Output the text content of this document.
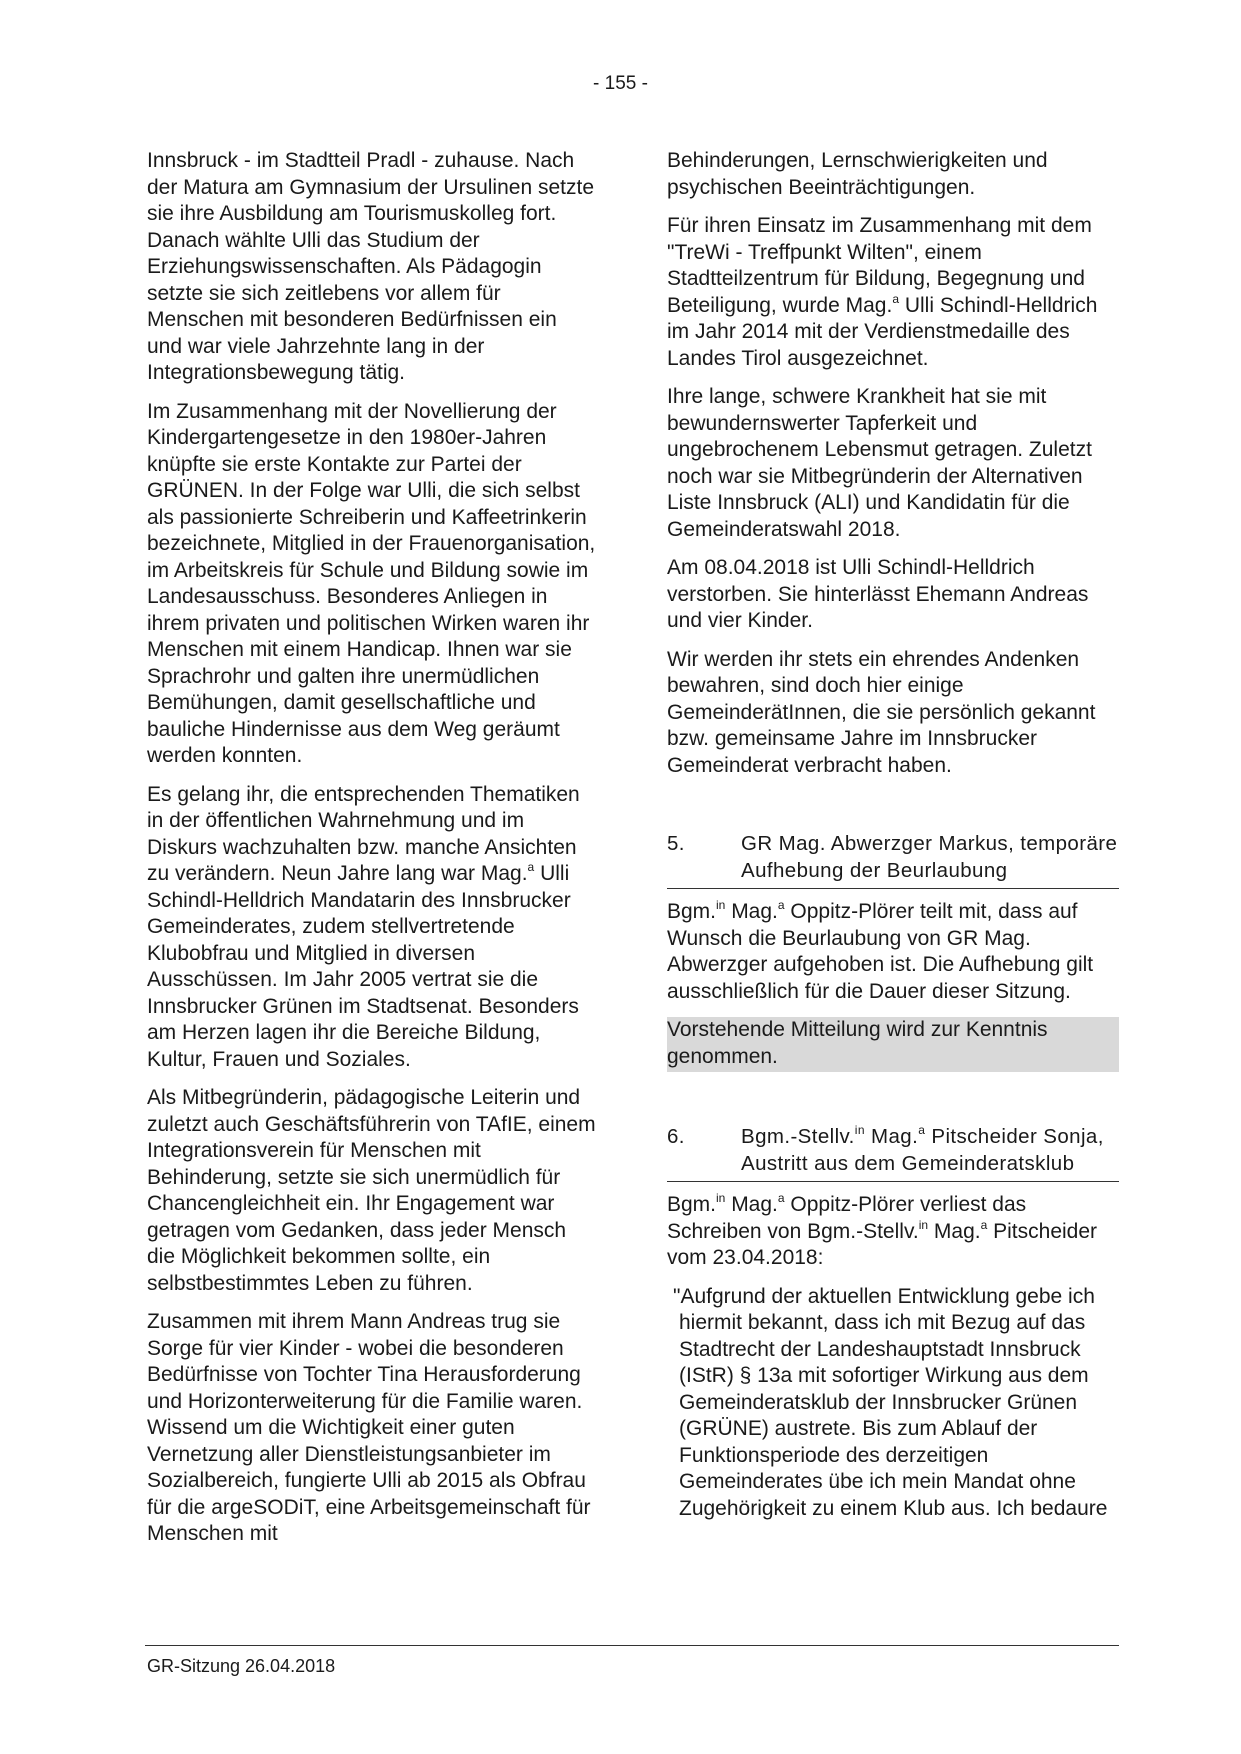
- 155 -

Innsbruck - im Stadtteil Pradl - zuhause. Nach der Matura am Gymnasium der Ursulinen setzte sie ihre Ausbildung am Tourismuskolleg fort. Danach wählte Ulli das Studium der Erziehungswissenschaften. Als Pädagogin setzte sie sich zeitlebens vor allem für Menschen mit besonderen Bedürfnissen ein und war viele Jahrzehnte lang in der Integrationsbewegung tätig.

Im Zusammenhang mit der Novellierung der Kindergartengesetze in den 1980er-Jahren knüpfte sie erste Kontakte zur Partei der GRÜNEN. In der Folge war Ulli, die sich selbst als passionierte Schreiberin und Kaffeetrinkerin bezeichnete, Mitglied in der Frauenorganisation, im Arbeitskreis für Schule und Bildung sowie im Landesausschuss. Besonderes Anliegen in ihrem privaten und politischen Wirken waren ihr Menschen mit einem Handicap. Ihnen war sie Sprachrohr und galten ihre unermüdlichen Bemühungen, damit gesellschaftliche und bauliche Hindernisse aus dem Weg geräumt werden konnten.

Es gelang ihr, die entsprechenden Thematiken in der öffentlichen Wahrnehmung und im Diskurs wachzuhalten bzw. manche Ansichten zu verändern. Neun Jahre lang war Mag.$^a$ Ulli Schindl-Helldrich Mandatarin des Innsbrucker Gemeinderates, zudem stellvertretende Klubobfrau und Mitglied in diversen Ausschüssen. Im Jahr 2005 vertrat sie die Innsbrucker Grünen im Stadtsenat. Besonders am Herzen lagen ihr die Bereiche Bildung, Kultur, Frauen und Soziales.

Als Mitbegründerin, pädagogische Leiterin und zuletzt auch Geschäftsführerin von TAfIE, einem Integrationsverein für Menschen mit Behinderung, setzte sie sich unermüdlich für Chancengleichheit ein. Ihr Engagement war getragen vom Gedanken, dass jeder Mensch die Möglichkeit bekommen sollte, ein selbstbestimmtes Leben zu führen.

Zusammen mit ihrem Mann Andreas trug sie Sorge für vier Kinder - wobei die besonderen Bedürfnisse von Tochter Tina Herausforderung und Horizonterweiterung für die Familie waren. Wissend um die Wichtigkeit einer guten Vernetzung aller Dienstleistungsanbieter im Sozialbereich, fungierte Ulli ab 2015 als Obfrau für die argeSODiT, eine Arbeitsgemeinschaft für Menschen mit

Behinderungen, Lernschwierigkeiten und psychischen Beeinträchtigungen.

Für ihren Einsatz im Zusammenhang mit dem "TreWi - Treffpunkt Wilten", einem Stadtteilzentrum für Bildung, Begegnung und Beteiligung, wurde Mag.$^a$ Ulli Schindl-Helldrich im Jahr 2014 mit der Verdienstmedaille des Landes Tirol ausgezeichnet.

Ihre lange, schwere Krankheit hat sie mit bewundernswerter Tapferkeit und ungebrochenem Lebensmut getragen. Zuletzt noch war sie Mitbegründerin der Alternativen Liste Innsbruck (ALI) und Kandidatin für die Gemeinderatswahl 2018.

Am 08.04.2018 ist Ulli Schindl-Helldrich verstorben. Sie hinterlässt Ehemann Andreas und vier Kinder.

Wir werden ihr stets ein ehrendes Andenken bewahren, sind doch hier einige GemeinderätInnen, die sie persönlich gekannt bzw. gemeinsame Jahre im Innsbrucker Gemeinderat verbracht haben.

5.	GR Mag. Abwerzger Markus, temporäre Aufhebung der Beurlaubung

Bgm.$^{in}$ Mag.$^a$ Oppitz-Plörer teilt mit, dass auf Wunsch die Beurlaubung von GR Mag. Abwerzger aufgehoben ist. Die Aufhebung gilt ausschließlich für die Dauer dieser Sitzung.

Vorstehende Mitteilung wird zur Kenntnis genommen.
6.	Bgm.-Stellv.$^{in}$ Mag.$^a$ Pitscheider Sonja, Austritt aus dem Gemeinderatsklub

Bgm.$^{in}$ Mag.$^a$ Oppitz-Plörer verliest das Schreiben von Bgm.-Stellv.$^{in}$ Mag.$^a$ Pitscheider vom 23.04.2018:

"Aufgrund der aktuellen Entwicklung gebe ich hiermit bekannt, dass ich mit Bezug auf das Stadtrecht der Landeshauptstadt Innsbruck (IStR) § 13a mit sofortiger Wirkung aus dem Gemeinderatsklub der Innsbrucker Grünen (GRÜNE) austrete. Bis zum Ablauf der Funktionsperiode des derzeitigen Gemeinderates übe ich mein Mandat ohne Zugehörigkeit zu einem Klub aus. Ich bedaure

GR-Sitzung 26.04.2018
